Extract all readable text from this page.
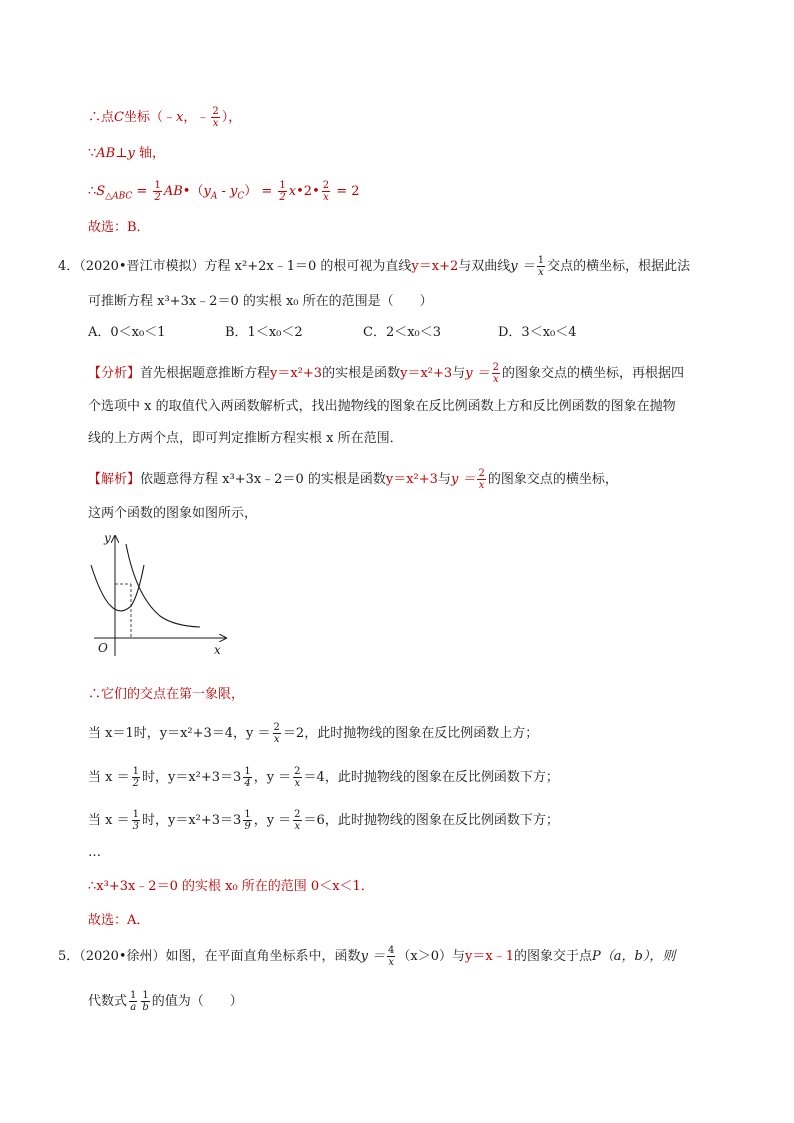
∴点C坐标（﹣x，﹣ $\frac{2}{x}$ ），
∵AB⊥y 轴，
$\therefore S_{\triangle ABC} = \frac{1}{2}$ $AB•(y_A - y_C) = \frac{1}{2}$ x•2• $\frac{2}{x} = 2$
故选：B．
4．（2020•晋江市模拟）方程 x²+2x﹣1＝0 的根可视为直线y＝x+2与双曲线$y = \frac{1}{x}$ 交点的横坐标，根据此法
可推断方程 x³+3x﹣2＝0 的实根 x₀ 所在的范围是（　　）
A．0＜x₀＜1	B．1＜x₀＜2	C．2＜x₀＜3	D．3＜x₀＜4
【分析】首先根据题意推断方程y＝x²+3的实根是函数y＝x²+3与$y = \frac{2}{x}$ 的图象交点的横坐标，再根据四
个选项中 x 的取值代入两函数解析式，找出抛物线的图象在反比例函数上方和反比例函数的图象在抛物
线的上方两个点，即可判定推断方程实根 x 所在范围．
【解析】依题意得方程 x³+3x﹣2＝0 的实根是函数y＝x²+3与$y = \frac{2}{x}$ 的图象交点的横坐标，
这两个函数的图象如图所示，
y
x
O
∴它们的交点在第一象限，
当 x＝1时，y＝x²+3＝4，$y = \frac{2}{x} =2$，此时抛物线的图象在反比例函数上方；
当 $x = \frac{1}{2}$ 时，$y=x^2+3=3 \frac{1}{4}$ ，$y = \frac{2}{x} =4$，此时抛物线的图象在反比例函数下方；
当 $x = \frac{1}{3}$ 时，$y=x^2+3=3 \frac{1}{9}$ ，$y = \frac{2}{x} =6$，此时抛物线的图象在反比例函数下方；
…
∴x³+3x﹣2＝0 的实根 x₀ 所在的范围 0＜x＜1．
故选：A．
5．（2020•徐州）如图，在平面直角坐标系中，函数$y = \frac{4}{x} (x>0)$与y＝x﹣1的图象交于点P（a，b），则
代数式 $\frac{1}{a} \frac{1}{b}$ 的值为（　　）
